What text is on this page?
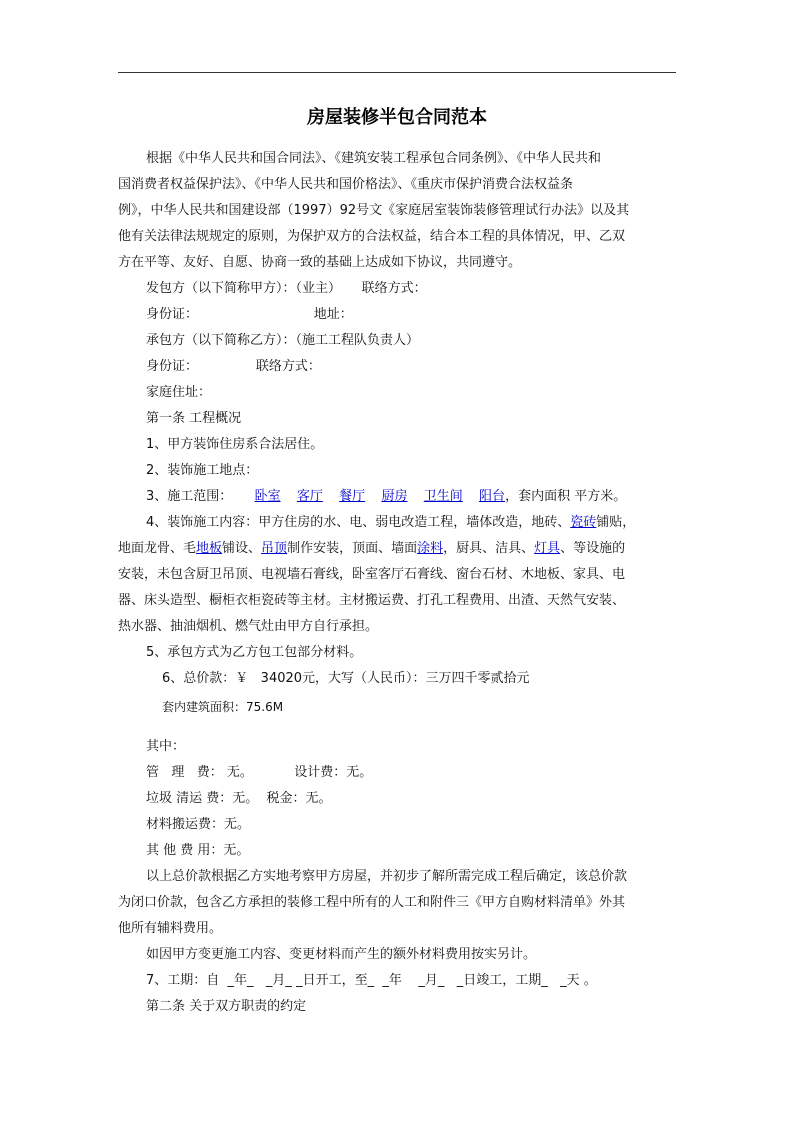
房屋装修半包合同范本
根据《中华人民共和国合同法》、《建筑安装工程承包合同条例》、《中华人民共和
国消费者权益保护法》、《中华人民共和国价格法》、《重庆市保护消费合法权益条
例》，中华人民共和国建设部（1997）92号文《家庭居室装饰装修管理试行办法》以及其
他有关法律法规规定的原则，为保护双方的合法权益，结合本工程的具体情况，甲、乙双
方在平等、友好、自愿、协商一致的基础上达成如下协议，共同遵守。
发包方（以下简称甲方）：（业主）     联络方式：
身份证：                            地址：
承包方（以下简称乙方）：（施工工程队负责人）
身份证：              联络方式：
家庭住址：
第一条 工程概况
1、甲方装饰住房系合法居住。
2、装饰施工地点：
3、施工范围： 卧室 客厅 餐厅 厨房 卫生间 阳台，套内面积 平方米。
4、装饰施工内容：甲方住房的水、电、弱电改造工程，墙体改造，地砖、瓷砖铺贴，
地面龙骨、毛地板铺设、吊顶制作安装，顶面、墙面涂料，厨具、洁具、灯具、等设施的
安装，未包含厨卫吊顶、电视墙石膏线，卧室客厅石膏线、窗台石材、木地板、家具、电
器、床头造型、橱柜衣柜瓷砖等主材。主材搬运费、打孔工程费用、出渣、天然气安装、
热水器、抽油烟机、燃气灶由甲方自行承担。
5、承包方式为乙方包工包部分材料。
6、总价款：￥   34020元，大写（人民币）：三万四千零贰拾元
套内建筑面积：75.6M
其中：
管   理   费： 无。          设计费：无。
垃圾 清运 费：无。  税金：无。
材料搬运费：无。
其 他 费 用：无。
以上总价款根据乙方实地考察甲方房屋，并初步了解所需完成工程后确定，该总价款
为闭口价款，包含乙方承担的装修工程中所有的人工和附件三《甲方自购材料清单》外其
他所有辅料费用。
如因甲方变更施工内容、变更材料而产生的额外材料费用按实另计。
7、工期：自  _年_   _月_ _日开工，至_  _年    _月_   _日竣工，工期_   _天 。
第二条 关于双方职责的约定
